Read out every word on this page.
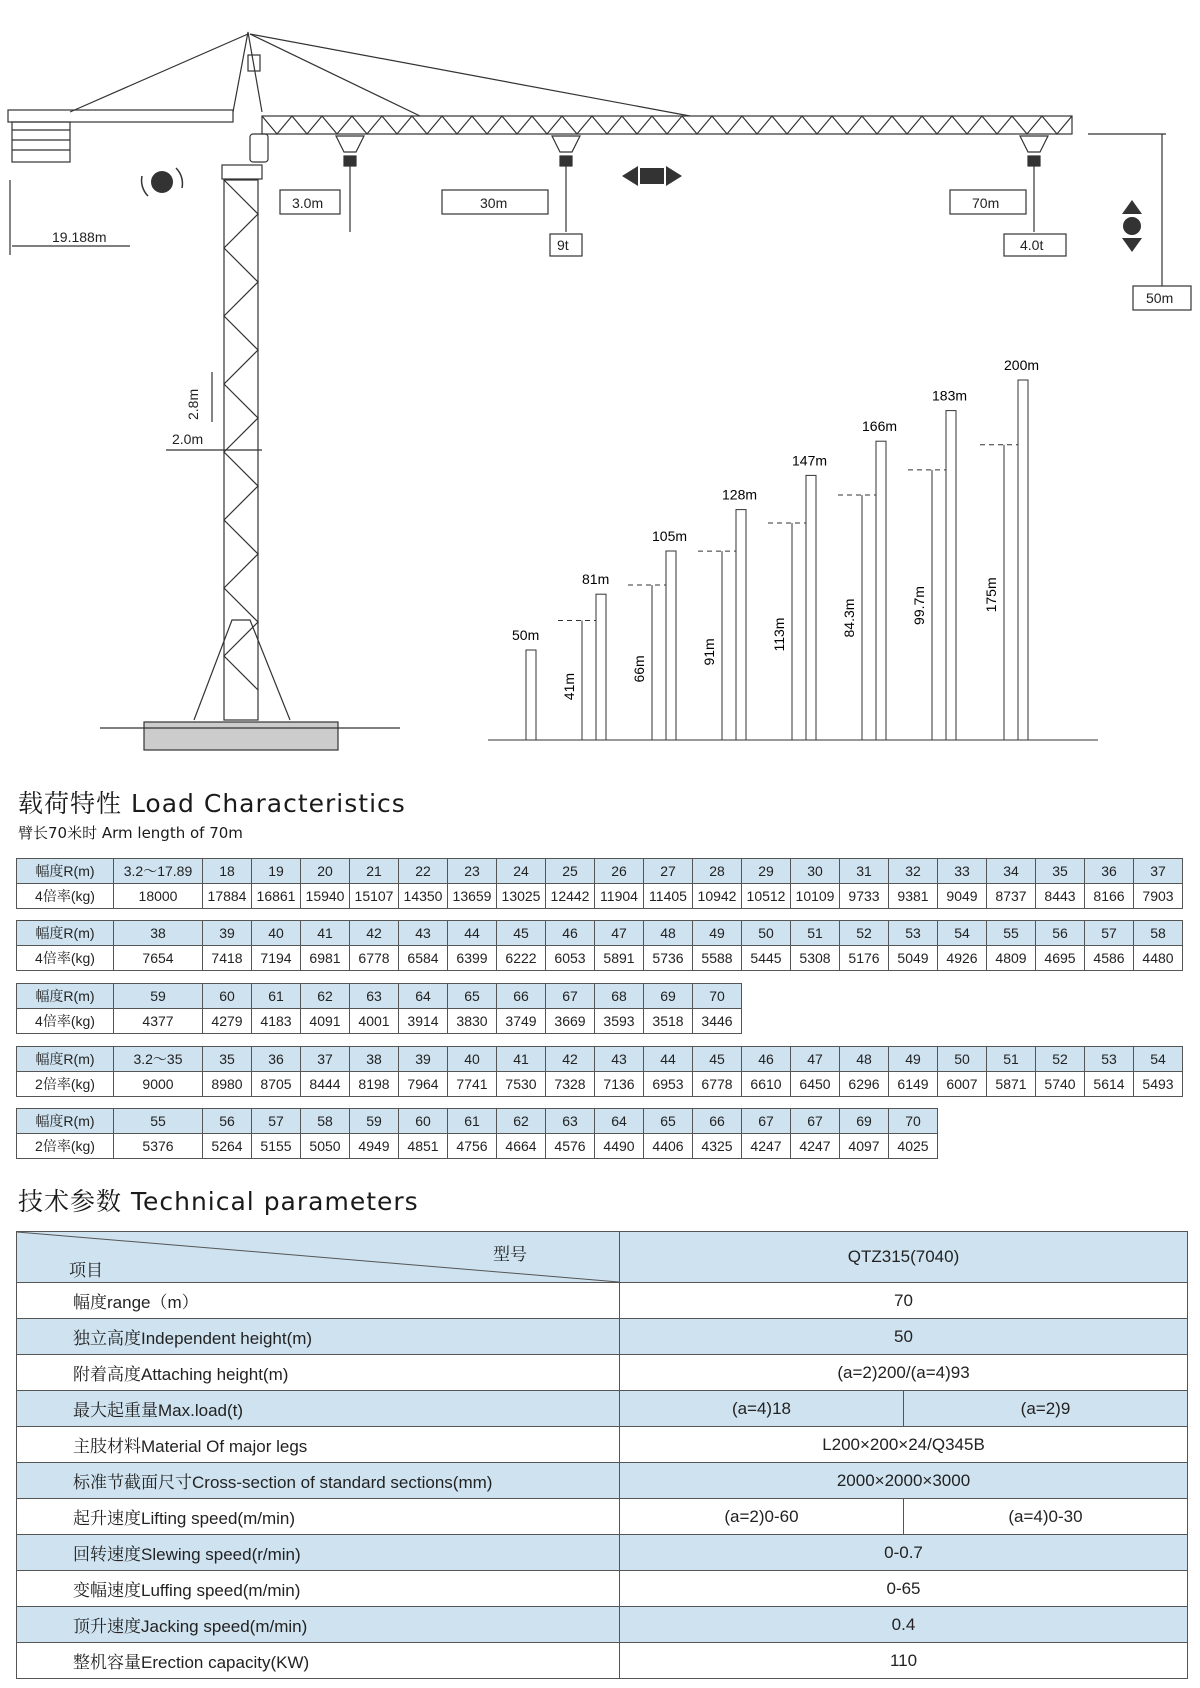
19.188m
3.0m	30m
9t
70m
4.0t
50m
2.8m
2.0m
50m
81m
41m
105m
66m
128m
91m
147m
113m
166m
84.3m
183m
99.7m
200m
175m
载荷特性 Load Characteristics
臂长70米时 Arm length of 70m
幅度R(m)	3.2～17.89	18	19	20	21	22	23	24	25	26	27	28	29	30	31	32	33	34	35	36	37
4倍率(kg)	18000	17884	16861	15940	15107	14350	13659	13025	12442	11904	11405	10942	10512	10109	9733	9381	9049	8737	8443	8166	7903
幅度R(m)	38	39	40	41	42	43	44	45	46	47	48	49	50	51	52	53	54	55	56	57	58
4倍率(kg)	7654	7418	7194	6981	6778	6584	6399	6222	6053	5891	5736	5588	5445	5308	5176	5049	4926	4809	4695	4586	4480
幅度R(m)	59	60	61	62	63	64	65	66	67	68	69	70
4倍率(kg)	4377	4279	4183	4091	4001	3914	3830	3749	3669	3593	3518	3446
幅度R(m)	3.2～35	35	36	37	38	39	40	41	42	43	44	45	46	47	48	49	50	51	52	53	54
2倍率(kg)	9000	8980	8705	8444	8198	7964	7741	7530	7328	7136	6953	6778	6610	6450	6296	6149	6007	5871	5740	5614	5493
幅度R(m)	55	56	57	58	59	60	61	62	63	64	65	66	67	67	69	70
2倍率(kg)	5376	5264	5155	5050	4949	4851	4756	4664	4576	4490	4406	4325	4247	4247	4097	4025
技术参数 Technical parameters
项目
型号	QTZ315(7040)	
幅度range（m）	70	
独立高度Independent height(m)	50	
附着高度Attaching height(m)	(a=2)200/(a=4)93	
最大起重量Max.load(t)	(a=4)18	(a=2)9
主肢材料Material Of major legs	L200×200×24/Q345B	
标准节截面尺寸Cross-section of standard sections(mm)	2000×2000×3000	
起升速度Lifting speed(m/min)	(a=2)0-60	(a=4)0-30
回转速度Slewing speed(r/min)	0-0.7	
变幅速度Luffing speed(m/min)	0-65	
顶升速度Jacking speed(m/min)	0.4	
整机容量Erection capacity(KW)	110	
